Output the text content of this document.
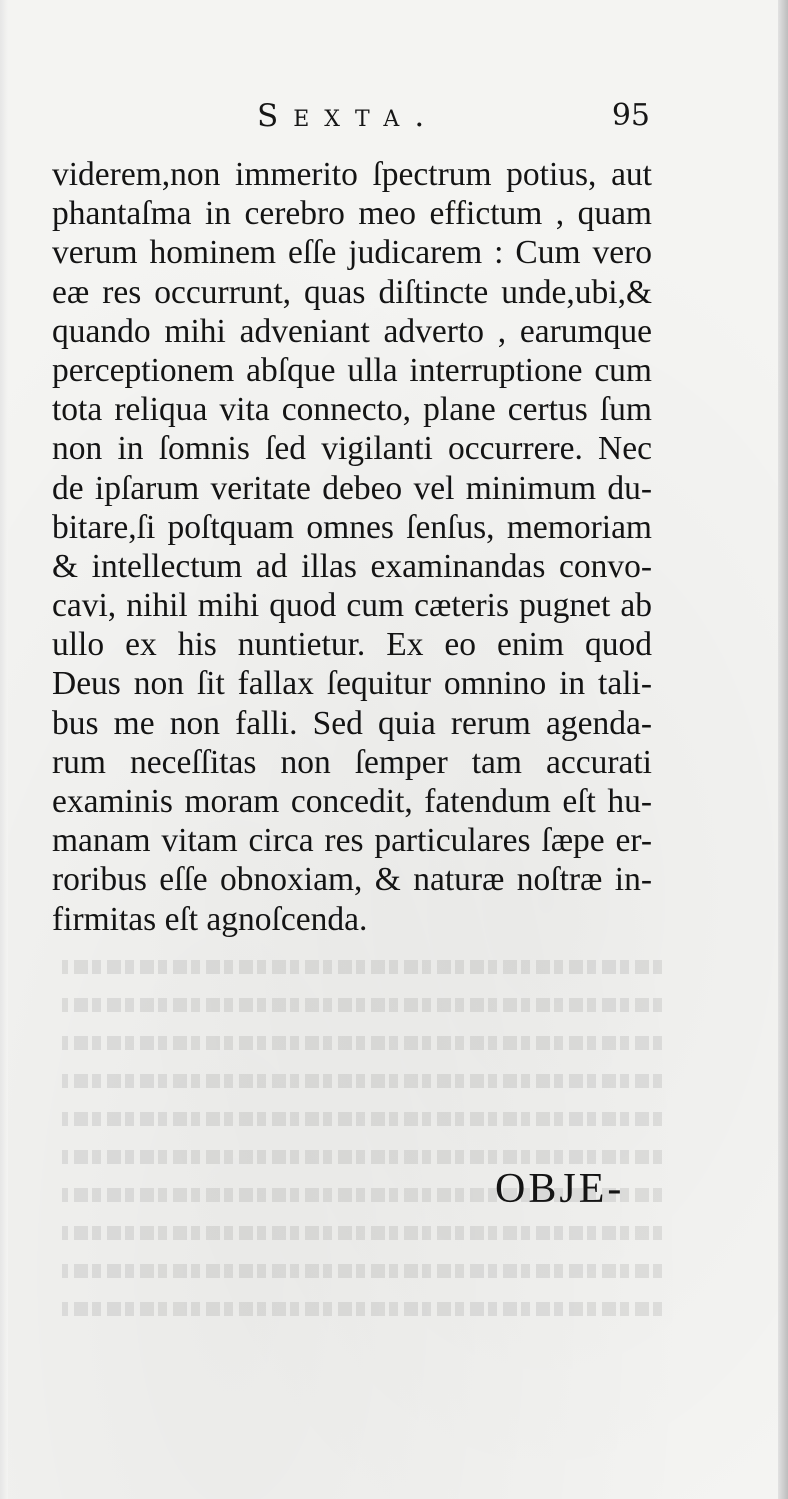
Sexta.	95
viderem,non immerito ſpectrum potius, aut
phantaſma in cerebro meo effictum , quam
verum hominem eſſe judicarem : Cum vero
eæ res occurrunt, quas diſtincte unde,ubi,&
quando mihi adveniant adverto , earumque
perceptionem abſque ulla interruptione cum
tota reliqua vita connecto, plane certus ſum
non in ſomnis ſed vigilanti occurrere. Nec
de ipſarum veritate debeo vel minimum du-
bitare,ſi poſtquam omnes ſenſus, memoriam
& intellectum ad illas examinandas convo-
cavi, nihil mihi quod cum cæteris pugnet ab
ullo ex his nuntietur. Ex eo enim quod
Deus non ſit fallax ſequitur omnino in tali-
bus me non falli. Sed quia rerum agenda-
rum neceſſitas non ſemper tam accurati
examinis moram concedit, fatendum eſt hu-
manam vitam circa res particulares ſæpe er-
roribus eſſe obnoxiam, & naturæ noſtræ in-
firmitas eſt agnoſcenda.
OBJE-
